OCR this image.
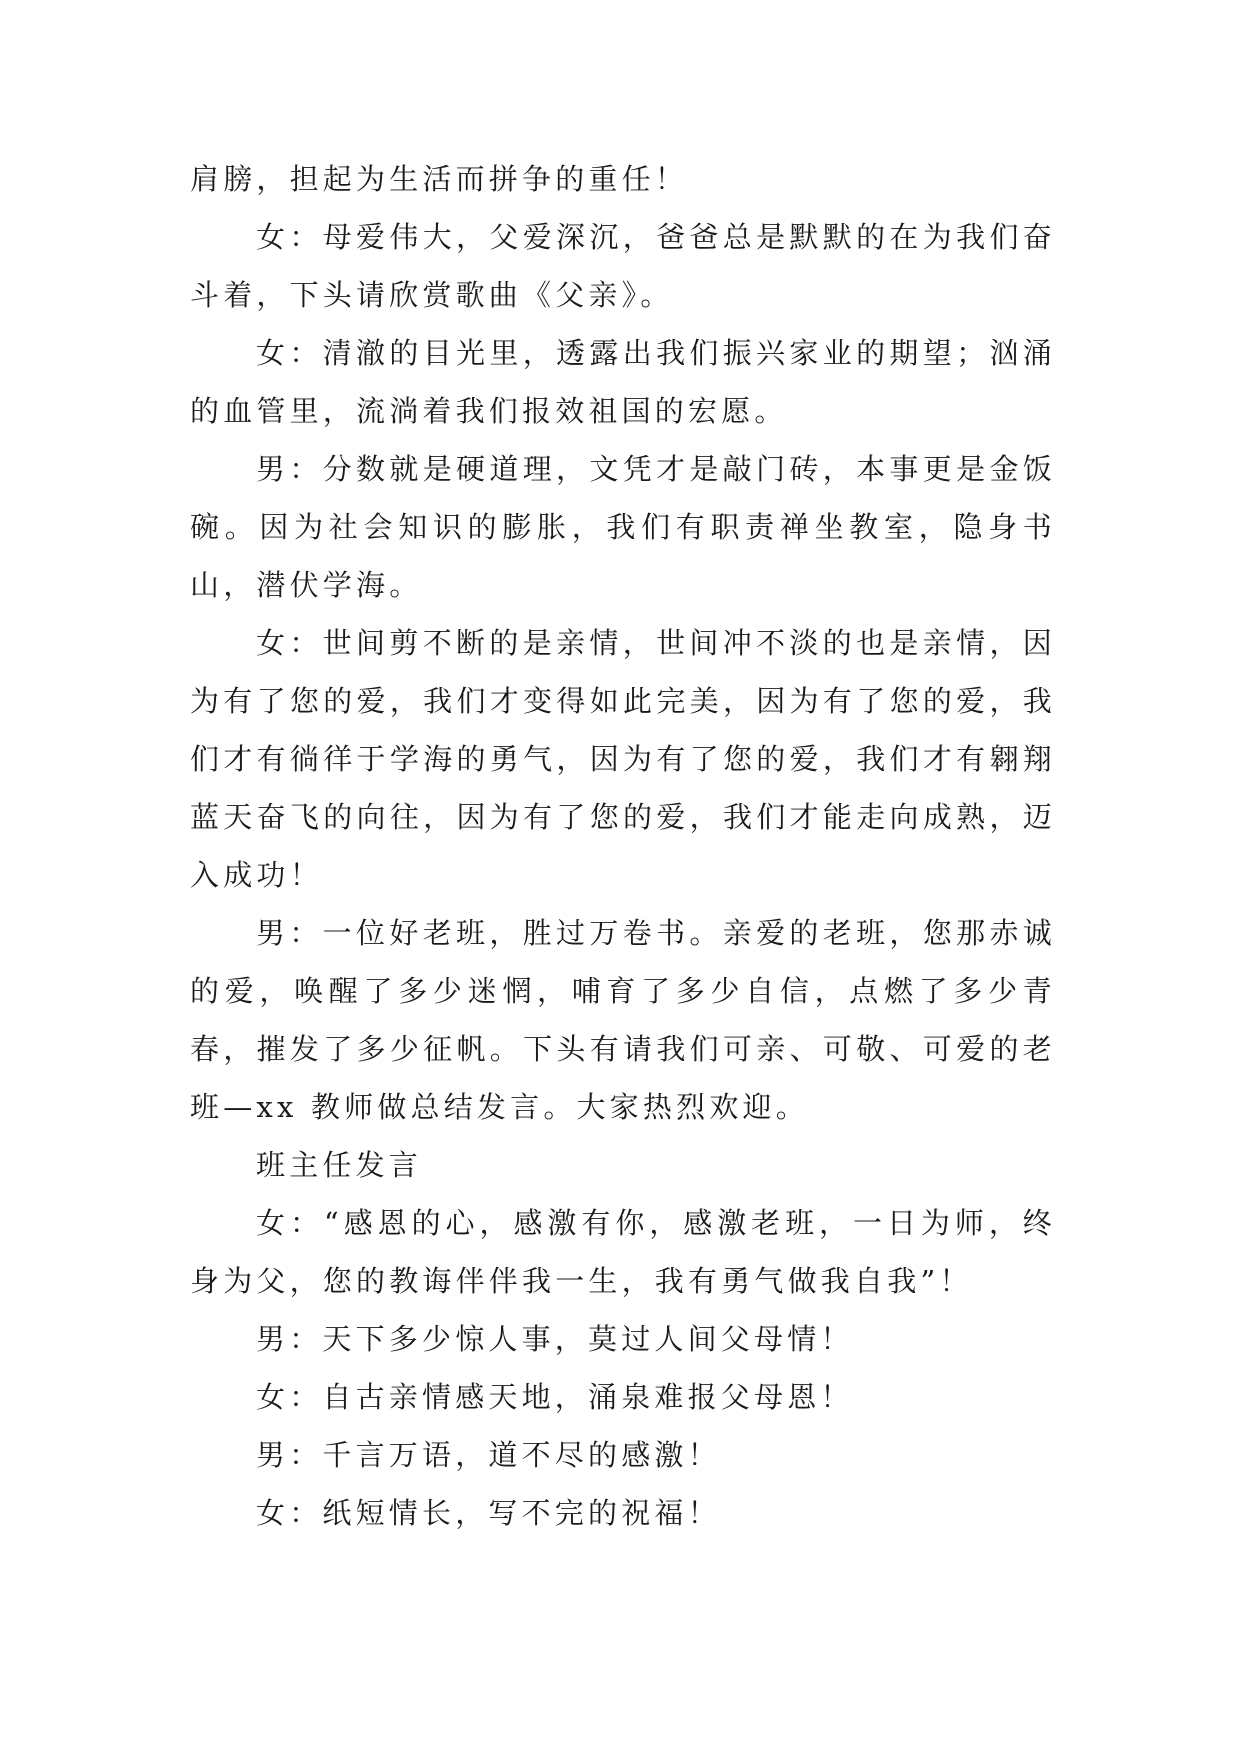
肩膀，担起为生活而拼争的重任！

女：母爱伟大，父爱深沉，爸爸总是默默的在为我们奋斗着，下头请欣赏歌曲《父亲》。

女：清澈的目光里，透露出我们振兴家业的期望；汹涌的血管里，流淌着我们报效祖国的宏愿。

男：分数就是硬道理，文凭才是敲门砖，本事更是金饭碗。因为社会知识的膨胀，我们有职责禅坐教室，隐身书山，潜伏学海。

女：世间剪不断的是亲情，世间冲不淡的也是亲情，因为有了您的爱，我们才变得如此完美，因为有了您的爱，我们才有徜徉于学海的勇气，因为有了您的爱，我们才有翱翔蓝天奋飞的向往，因为有了您的爱，我们才能走向成熟，迈入成功！

男：一位好老班，胜过万卷书。亲爱的老班，您那赤诚的爱，唤醒了多少迷惘，哺育了多少自信，点燃了多少青春，摧发了多少征帆。下头有请我们可亲、可敬、可爱的老班—xx 教师做总结发言。大家热烈欢迎。

班主任发言

女：“感恩的心，感激有你，感激老班，一日为师，终身为父，您的教诲伴伴我一生，我有勇气做我自我”！

男：天下多少惊人事，莫过人间父母情！

女：自古亲情感天地，涌泉难报父母恩！

男：千言万语，道不尽的感激！

女：纸短情长，写不完的祝福！
